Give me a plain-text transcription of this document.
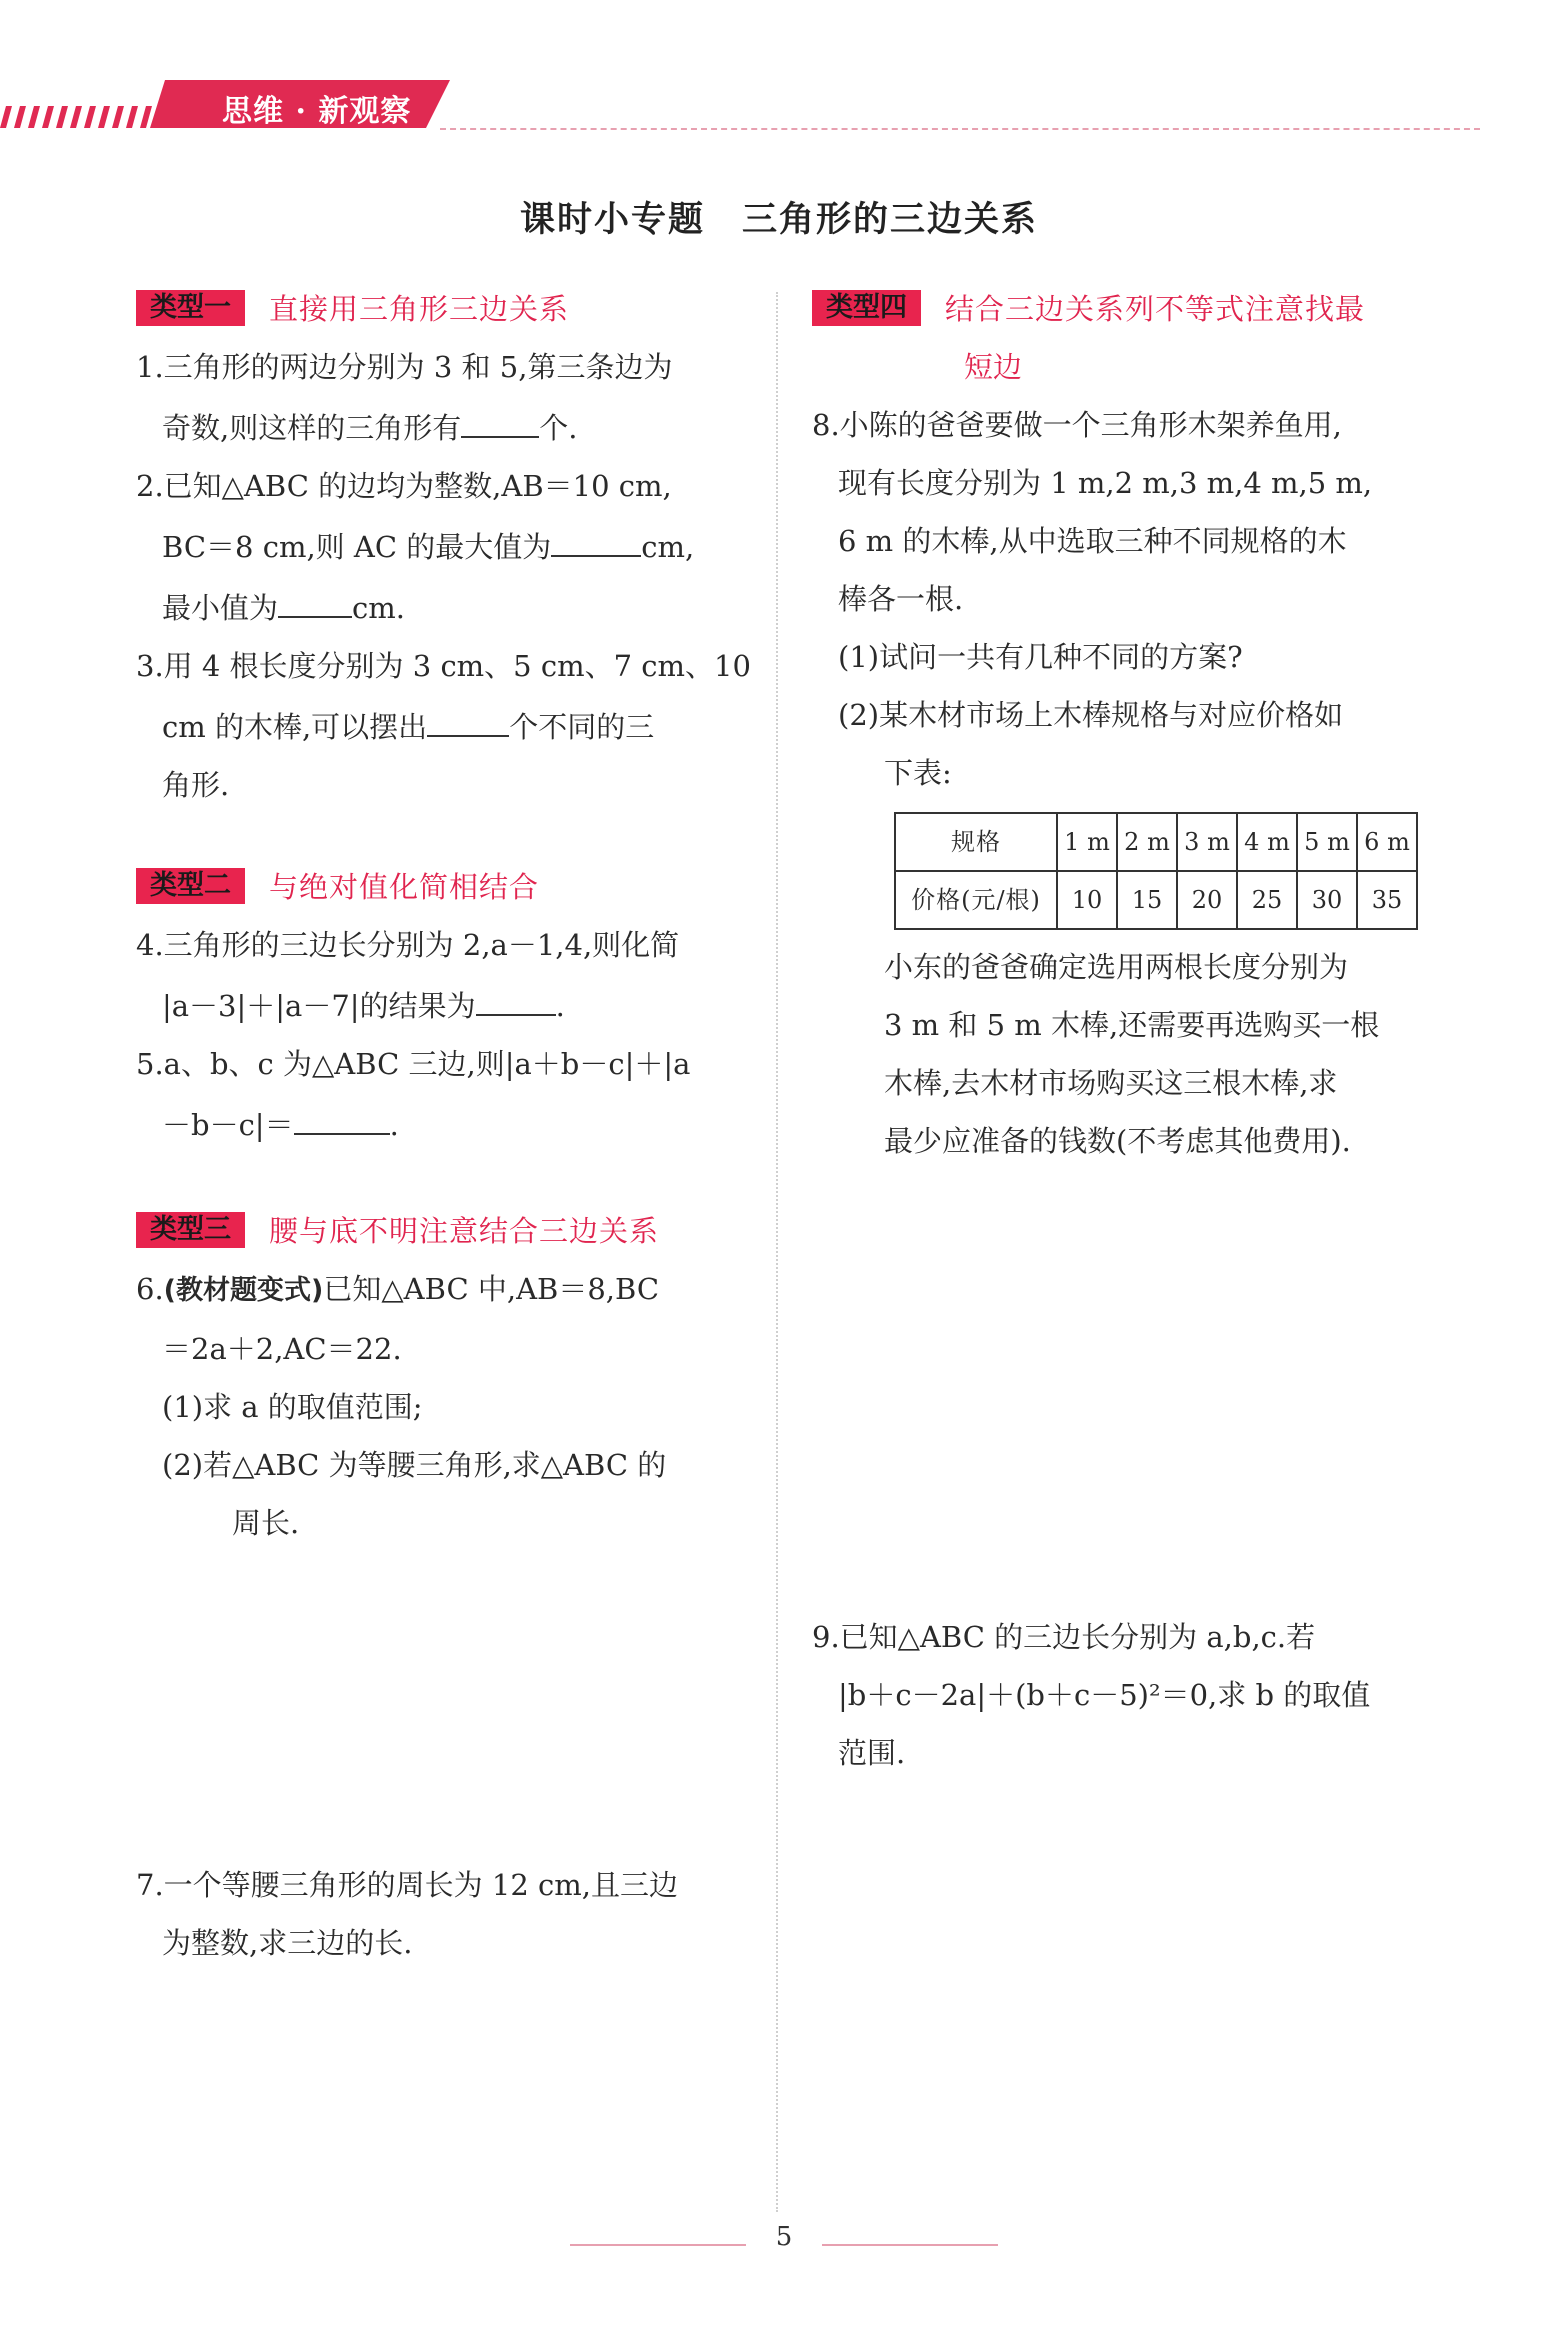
思维 · 新观察
课时小专题　三角形的三边关系
类型一 直接用三角形三边关系
1.三角形的两边分别为 3 和 5,第三条边为
奇数,则这样的三角形有	个.
2.已知△ABC 的边均为整数,AB＝10 cm,
BC＝8 cm,则 AC 的最大值为	cm,
最小值为	cm.
3.用 4 根长度分别为 3 cm、5 cm、7 cm、10
cm 的木棒,可以摆出	个不同的三
角形.
类型二 与绝对值化简相结合
4.三角形的三边长分别为 2,a－1,4,则化简
|a－3|＋|a－7|的结果为	.
5.a、b、c 为△ABC 三边,则|a＋b－c|＋|a
－b－c|＝	.
类型三 腰与底不明注意结合三边关系
6.(教材题变式)已知△ABC 中,AB＝8,BC
＝2a＋2,AC＝22.
(1)求 a 的取值范围;
(2)若△ABC 为等腰三角形,求△ABC 的
周长.
7.一个等腰三角形的周长为 12 cm,且三边
为整数,求三边的长.
类型四 结合三边关系列不等式注意找最
短边
8.小陈的爸爸要做一个三角形木架养鱼用,
现有长度分别为 1 m,2 m,3 m,4 m,5 m,
6 m 的木棒,从中选取三种不同规格的木
棒各一根.
(1)试问一共有几种不同的方案?
(2)某木材市场上木棒规格与对应价格如
下表:
规格	1 m	2 m	3 m	4 m	5 m	6 m
价格(元/根)	10	15	20	25	30	35
小东的爸爸确定选用两根长度分别为
3 m 和 5 m 木棒,还需要再选购买一根
木棒,去木材市场购买这三根木棒,求
最少应准备的钱数(不考虑其他费用).
9.已知△ABC 的三边长分别为 a,b,c.若
|b＋c－2a|＋(b＋c－5)²＝0,求 b 的取值
范围.
5
